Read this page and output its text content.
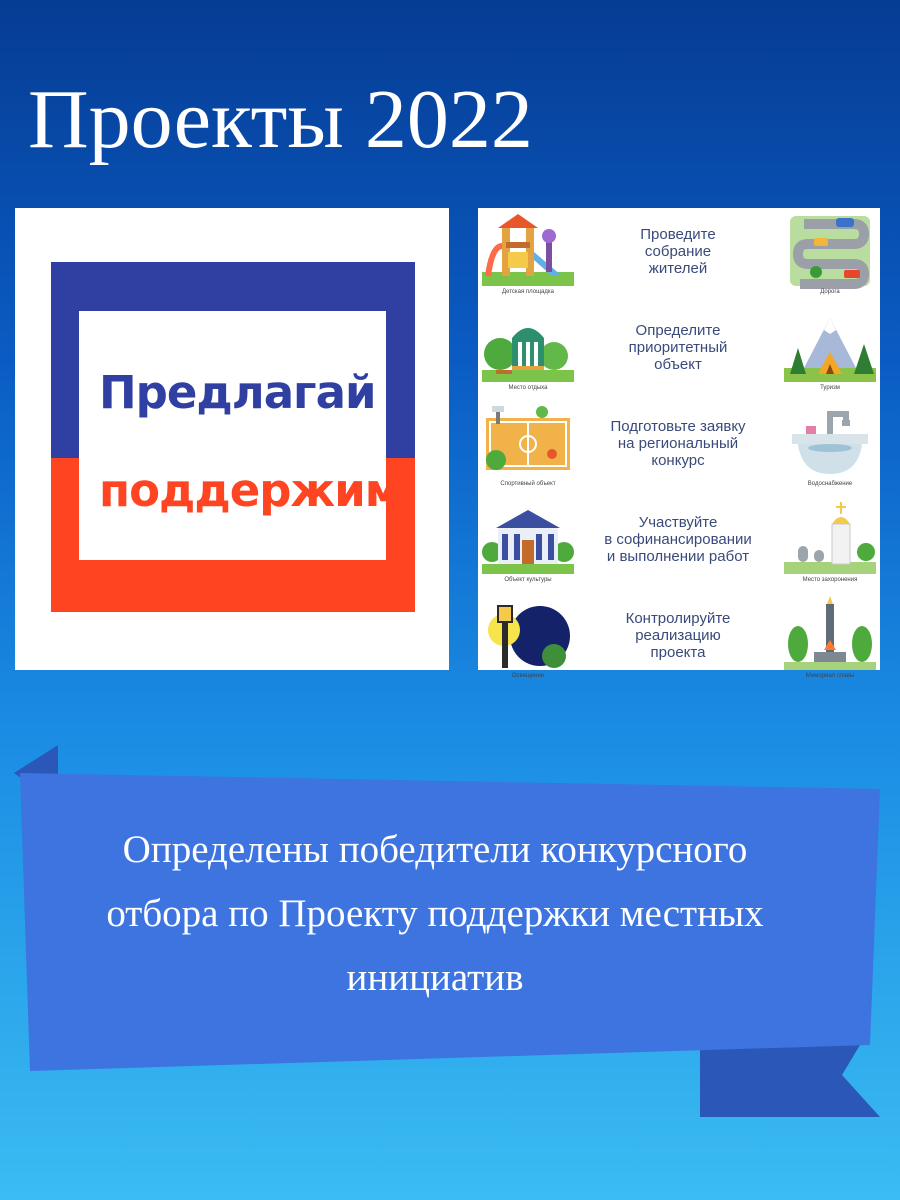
Проекты 2022
Предлагай –
поддержим!
Детская площадка
Проведите
собрание
жителей
Дорога
Место отдыха
Определите
приоритетный
объект
Туризм
Спортивный объект
Подготовьте заявку
на региональный
конкурс
Водоснабжение
Объект культуры
Участвуйте
в софинансировании
и выполнении работ
Место захоронения
Освещение
Контролируйте
реализацию
проекта
Мемориал славы

Определены победители конкурсного
отбора по Проекту поддержки местных
инициатив
